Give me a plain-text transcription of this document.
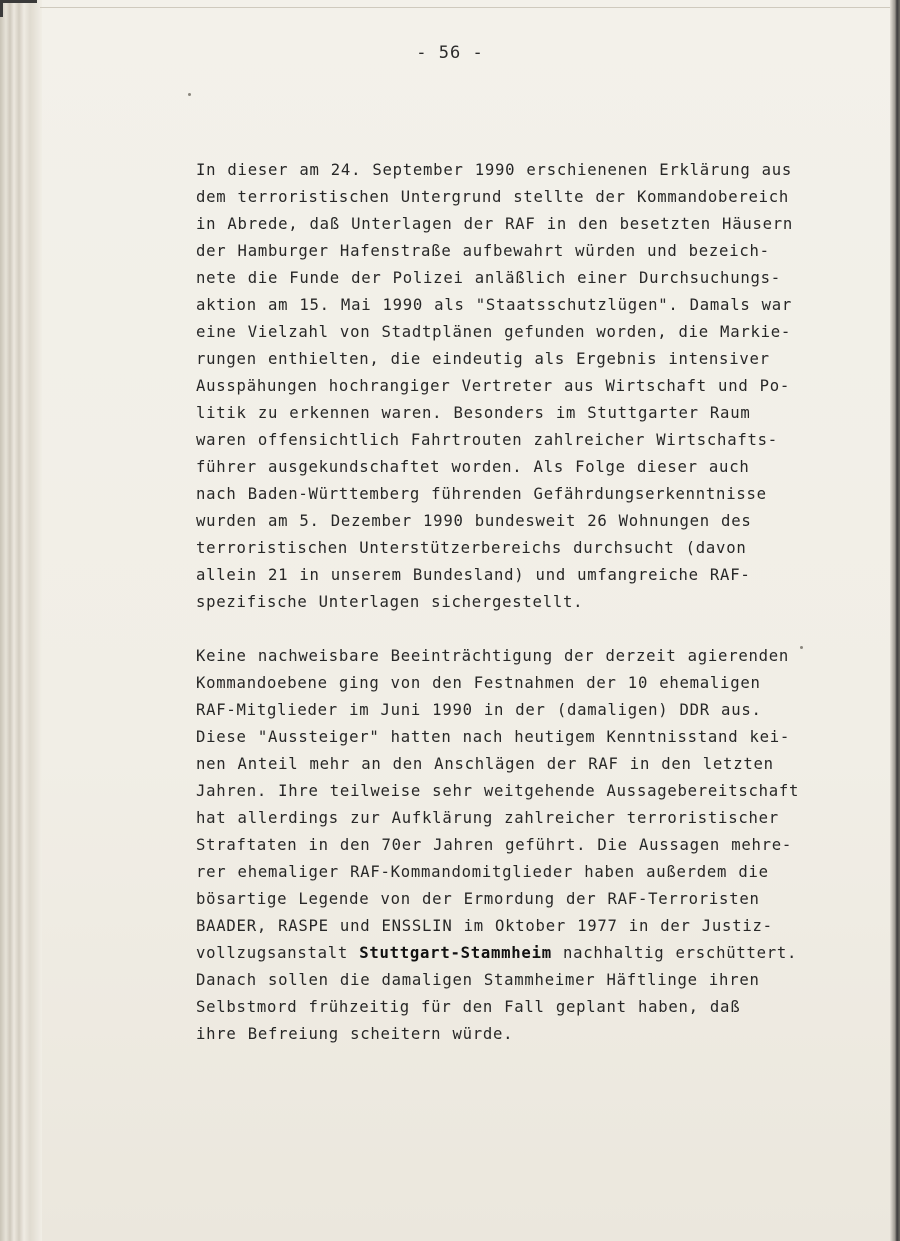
- 56 -
In dieser am 24. September 1990 erschienenen Erklärung aus
dem terroristischen Untergrund stellte der Kommandobereich
in Abrede, daß Unterlagen der RAF in den besetzten Häusern
der Hamburger Hafenstraße aufbewahrt würden und bezeich-
nete die Funde der Polizei anläßlich einer Durchsuchungs-
aktion am 15. Mai 1990 als "Staatsschutzlügen". Damals war
eine Vielzahl von Stadtplänen gefunden worden, die Markie-
rungen enthielten, die eindeutig als Ergebnis intensiver
Ausspähungen hochrangiger Vertreter aus Wirtschaft und Po-
litik zu erkennen waren. Besonders im Stuttgarter Raum
waren offensichtlich Fahrtrouten zahlreicher Wirtschafts-
führer ausgekundschaftet worden. Als Folge dieser auch
nach Baden-Württemberg führenden Gefährdungserkenntnisse
wurden am 5. Dezember 1990 bundesweit 26 Wohnungen des
terroristischen Unterstützerbereichs durchsucht (davon
allein 21 in unserem Bundesland) und umfangreiche RAF-
spezifische Unterlagen sichergestellt.
Keine nachweisbare Beeinträchtigung der derzeit agierenden
Kommandoebene ging von den Festnahmen der 10 ehemaligen
RAF-Mitglieder im Juni 1990 in der (damaligen) DDR aus.
Diese "Aussteiger" hatten nach heutigem Kenntnisstand kei-
nen Anteil mehr an den Anschlägen der RAF in den letzten
Jahren. Ihre teilweise sehr weitgehende Aussagebereitschaft
hat allerdings zur Aufklärung zahlreicher terroristischer
Straftaten in den 70er Jahren geführt. Die Aussagen mehre-
rer ehemaliger RAF-Kommandomitglieder haben außerdem die
bösartige Legende von der Ermordung der RAF-Terroristen
BAADER, RASPE und ENSSLIN im Oktober 1977 in der Justiz-
vollzugsanstalt Stuttgart-Stammheim nachhaltig erschüttert.
Danach sollen die damaligen Stammheimer Häftlinge ihren
Selbstmord frühzeitig für den Fall geplant haben, daß
ihre Befreiung scheitern würde.
